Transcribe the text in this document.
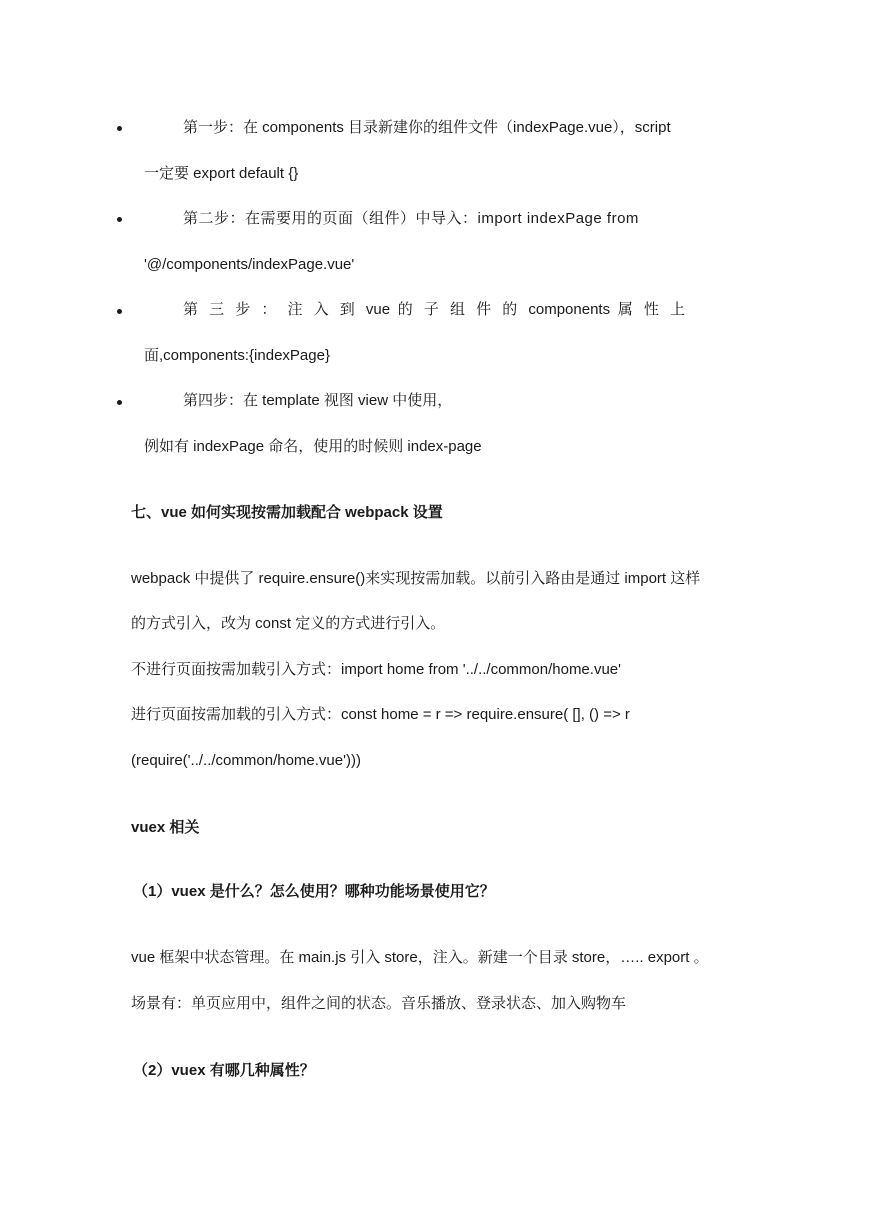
第一步：在 components 目录新建你的组件文件（indexPage.vue），script
一定要 export default {}
第二步：在需要用的页面（组件）中导入：import indexPage from
'@/components/indexPage.vue'
第 三 步 ： 注 入 到 vue 的 子 组 件 的 components 属 性 上
面,components:{indexPage}
第四步：在 template 视图 view 中使用，
例如有 indexPage 命名，使用的时候则 index-page
七、vue 如何实现按需加载配合 webpack 设置
webpack 中提供了 require.ensure()来实现按需加载。以前引入路由是通过 import 这样
的方式引入，改为 const 定义的方式进行引入。
不进行页面按需加载引入方式：import home from '../../common/home.vue'
进行页面按需加载的引入方式：const home = r => require.ensure( [], () => r
(require('../../common/home.vue')))
vuex 相关
（1）vuex 是什么？怎么使用？哪种功能场景使用它？
vue 框架中状态管理。在 main.js 引入 store，注入。新建一个目录 store，….. export 。
场景有：单页应用中，组件之间的状态。音乐播放、登录状态、加入购物车
（2）vuex 有哪几种属性？
